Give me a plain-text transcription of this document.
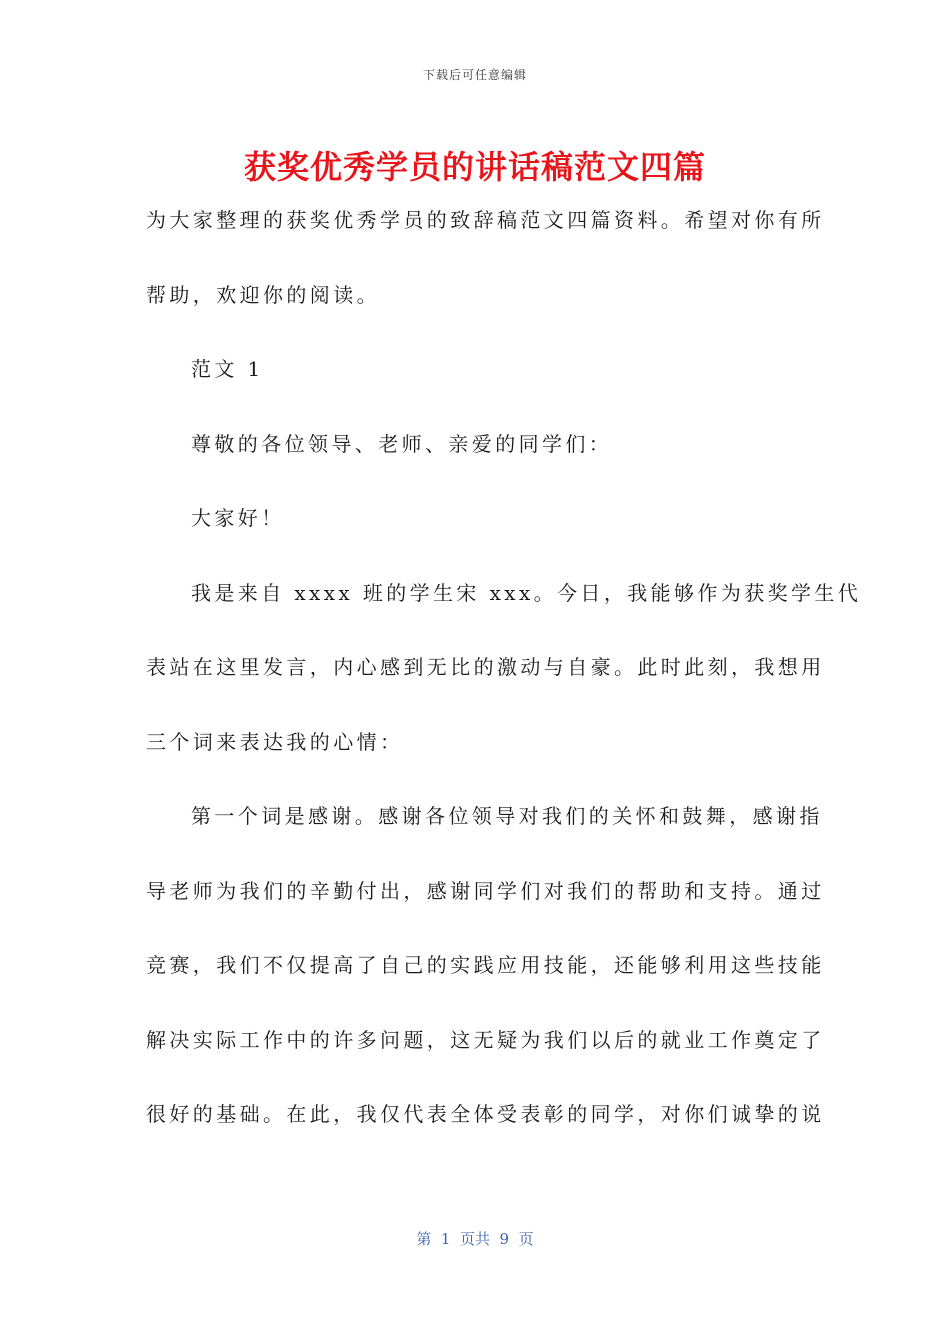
下载后可任意编辑
获奖优秀学员的讲话稿范文四篇
为大家整理的获奖优秀学员的致辞稿范文四篇资料。希望对你有所
帮助，欢迎你的阅读。
范文 1
尊敬的各位领导、老师、亲爱的同学们：
大家好！
我是来自 xxxx 班的学生宋 xxx。今日，我能够作为获奖学生代
表站在这里发言，内心感到无比的激动与自豪。此时此刻，我想用
三个词来表达我的心情：
第一个词是感谢。感谢各位领导对我们的关怀和鼓舞，感谢指
导老师为我们的辛勤付出，感谢同学们对我们的帮助和支持。通过
竞赛，我们不仅提高了自己的实践应用技能，还能够利用这些技能
解决实际工作中的许多问题，这无疑为我们以后的就业工作奠定了
很好的基础。在此，我仅代表全体受表彰的同学，对你们诚挚的说
第  1  页共  9  页
